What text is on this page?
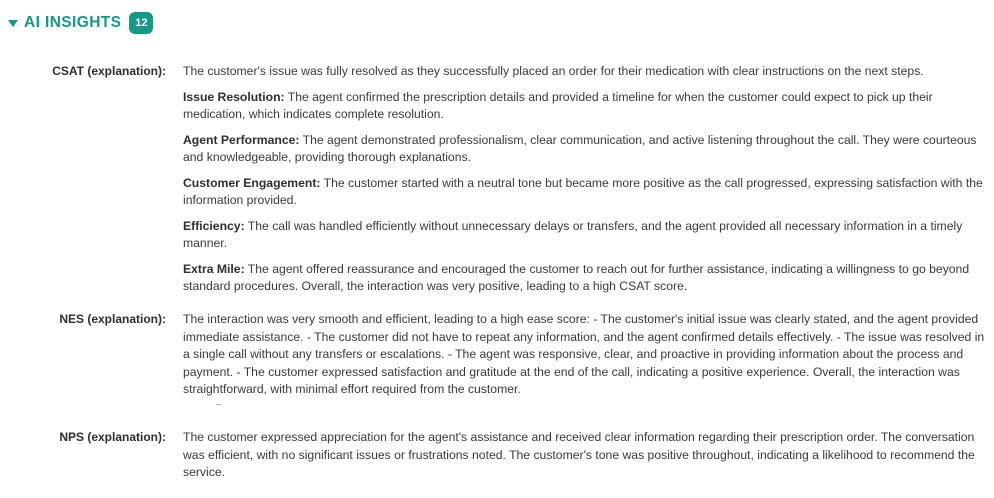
AI INSIGHTS	12
CSAT (explanation): The customer's issue was fully resolved as they successfully placed an order for their medication with clear instructions on the next steps.

Issue Resolution: The agent confirmed the prescription details and provided a timeline for when the customer could expect to pick up their medication, which indicates complete resolution.

Agent Performance: The agent demonstrated professionalism, clear communication, and active listening throughout the call. They were courteous and knowledgeable, providing thorough explanations.

Customer Engagement: The customer started with a neutral tone but became more positive as the call progressed, expressing satisfaction with the information provided.

Efficiency: The call was handled efficiently without unnecessary delays or transfers, and the agent provided all necessary information in a timely manner.

Extra Mile: The agent offered reassurance and encouraged the customer to reach out for further assistance, indicating a willingness to go beyond standard procedures. Overall, the interaction was very positive, leading to a high CSAT score.

NES (explanation): The interaction was very smooth and efficient, leading to a high ease score: - The customer's initial issue was clearly stated, and the agent provided immediate assistance. - The customer did not have to repeat any information, and the agent confirmed details effectively. - The issue was resolved in a single call without any transfers or escalations. - The agent was responsive, clear, and proactive in providing information about the process and payment. - The customer expressed satisfaction and gratitude at the end of the call, indicating a positive experience. Overall, the interaction was straightforward, with minimal effort required from the customer.
~
NPS (explanation): The customer expressed appreciation for the agent's assistance and received clear information regarding their prescription order. The conversation was efficient, with no significant issues or frustrations noted. The customer's tone was positive throughout, indicating a likelihood to recommend the service.
